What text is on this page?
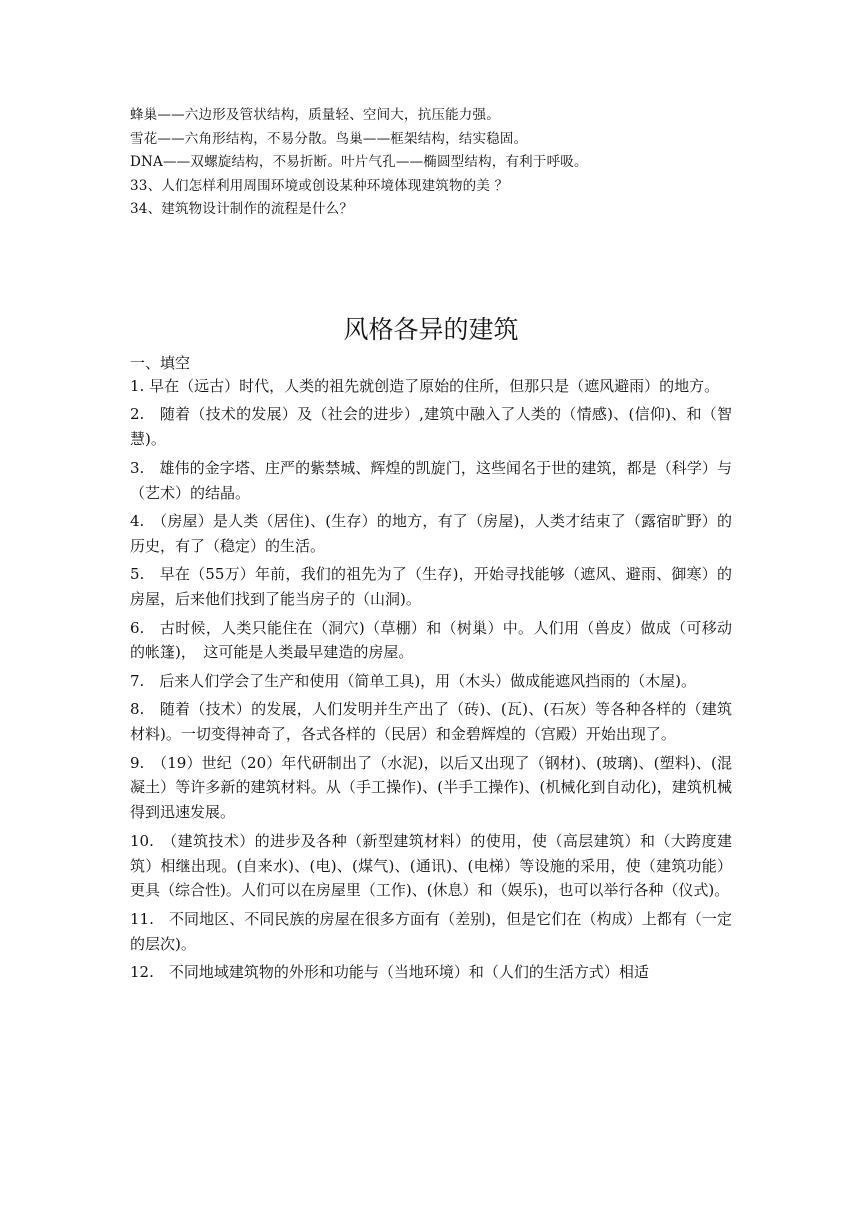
蜂巢——六边形及管状结构，质量轻、空间大，抗压能力强。
雪花——六角形结构，不易分散。鸟巢——框架结构，结实稳固。
DNA——双螺旋结构，不易折断。叶片气孔——椭圆型结构，有利于呼吸。
33、人们怎样利用周围环境或创设某种环境体现建筑物的美 ？
34、建筑物设计制作的流程是什么？
风格各异的建筑
一、填空
1. 早在（远古）时代，人类的祖先就创造了原始的住所，但那只是（遮风避雨）的地方。
2.　随着（技术的发展）及（社会的进步）,建筑中融入了人类的（情感)、(信仰)、和（智慧)。
3.　雄伟的金字塔、庄严的紫禁城、辉煌的凯旋门，这些闻名于世的建筑，都是（科学）与（艺术）的结晶。
4.　（房屋）是人类（居住)、(生存）的地方，有了（房屋)，人类才结束了（露宿旷野）的历史，有了（稳定）的生活。
5.　早在（55万）年前，我们的祖先为了（生存)，开始寻找能够（遮风、避雨、御寒）的房屋，后来他们找到了能当房子的（山洞)。
6.　古时候，人类只能住在（洞穴)（草棚）和（树巢）中。人们用（兽皮）做成（可移动的帐篷)，　这可能是人类最早建造的房屋。
7.　后来人们学会了生产和使用（简单工具)，用（木头）做成能遮风挡雨的（木屋)。
8.　随着（技术）的发展，人们发明并生产出了（砖)、(瓦)、(石灰）等各种各样的（建筑材料)。一切变得神奇了，各式各样的（民居）和金碧辉煌的（宫殿）开始出现了。
9.　（19）世纪（20）年代研制出了（水泥)，以后又出现了（钢材)、(玻璃)、(塑料)、(混凝土）等许多新的建筑材料。从（手工操作)、(半手工操作)、(机械化到自动化)，建筑机械得到迅速发展。
10.　（建筑技术）的进步及各种（新型建筑材料）的使用，使（高层建筑）和（大跨度建筑）相继出现。(自来水)、(电)、(煤气)、(通讯)、(电梯）等设施的采用，使（建筑功能）更具（综合性)。人们可以在房屋里（工作)、(休息）和（娱乐)，也可以举行各种（仪式)。
11.　不同地区、不同民族的房屋在很多方面有（差别)，但是它们在（构成）上都有（一定的层次)。
12.　不同地域建筑物的外形和功能与（当地环境）和（人们的生活方式）相适
